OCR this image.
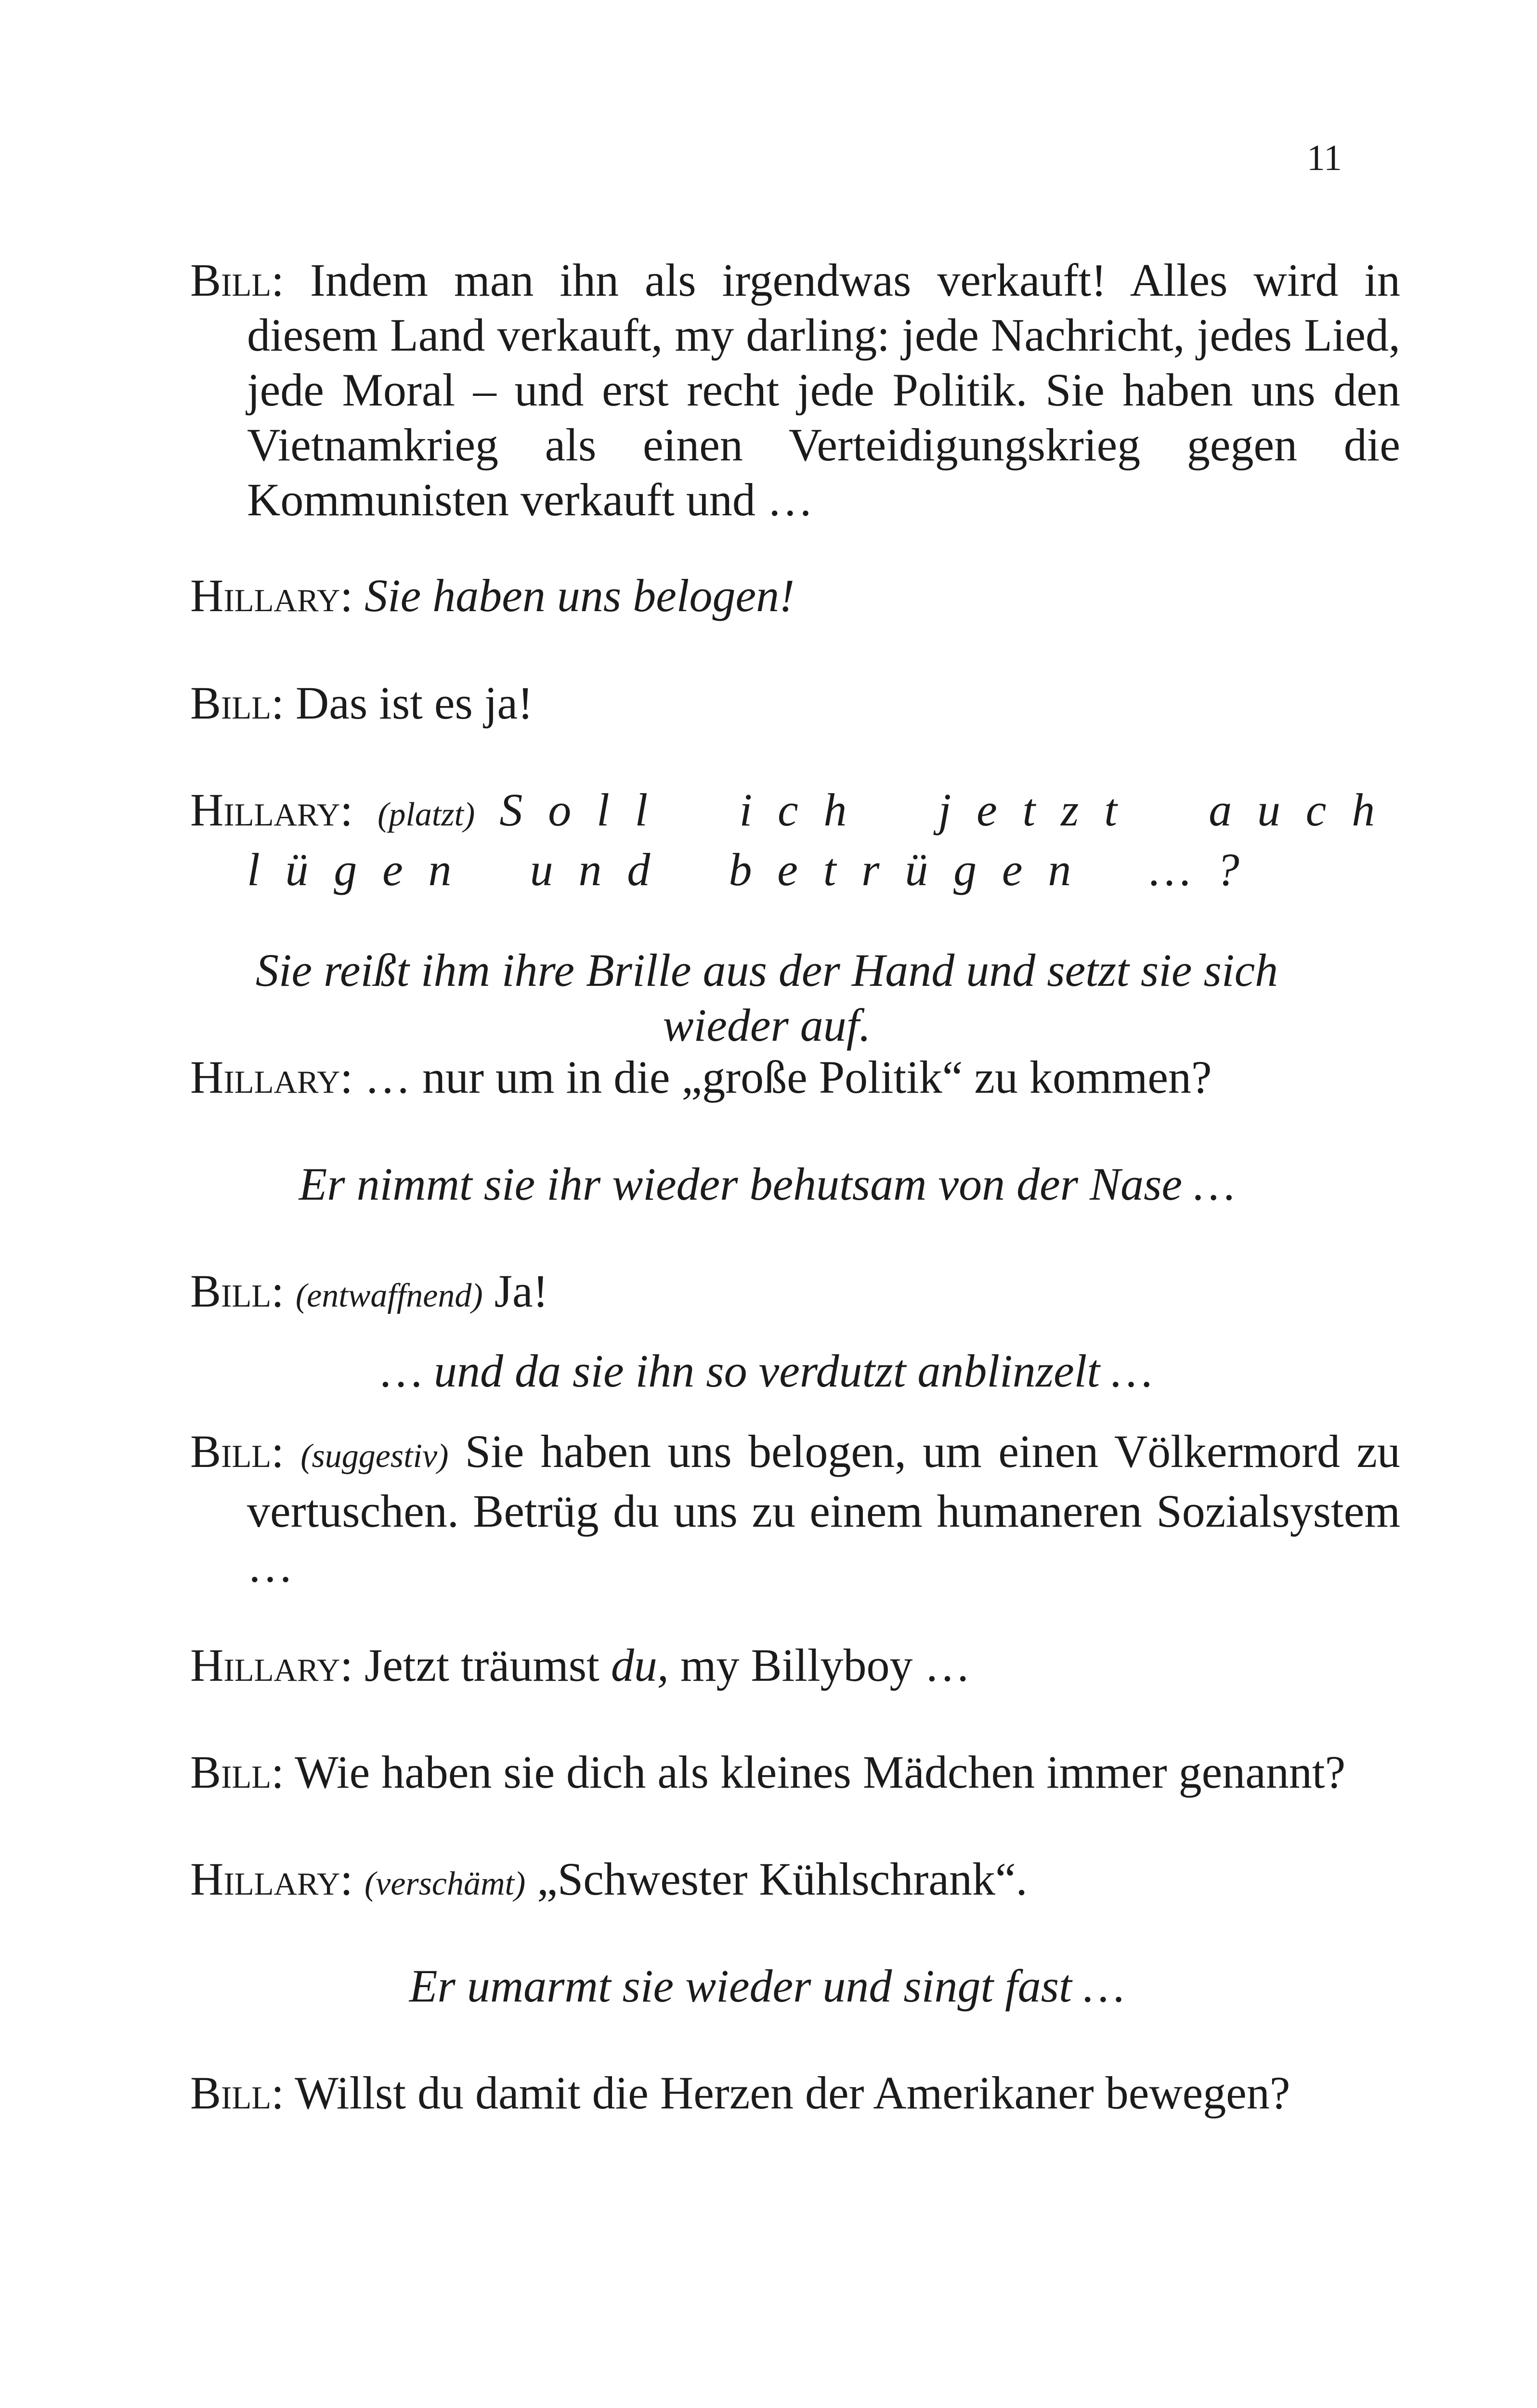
11
Bill: Indem man ihn als irgendwas verkauft! Alles wird in diesem Land verkauft, my darling: jede Nachricht, jedes Lied, jede Moral – und erst recht jede Politik. Sie haben uns den Vietnamkrieg als einen Verteidigungskrieg gegen die Kommunisten verkauft und …
Hillary: Sie haben uns belogen!
Bill: Das ist es ja!
Hillary: (platzt) Soll ich jetzt auch lügen und betrügen …?
Sie reißt ihm ihre Brille aus der Hand und setzt sie sich wieder auf.
Hillary: … nur um in die „große Politik“ zu kommen?
Er nimmt sie ihr wieder behutsam von der Nase …
Bill: (entwaffnend) Ja!
… und da sie ihn so verdutzt anblinzelt …
Bill: (suggestiv) Sie haben uns belogen, um einen Völkermord zu vertuschen. Betrüg du uns zu einem humaneren Sozialsystem …
Hillary: Jetzt träumst du, my Billyboy …
Bill: Wie haben sie dich als kleines Mädchen immer genannt?
Hillary: (verschämt) „Schwester Kühlschrank“.
Er umarmt sie wieder und singt fast …
Bill: Willst du damit die Herzen der Amerikaner bewegen?
